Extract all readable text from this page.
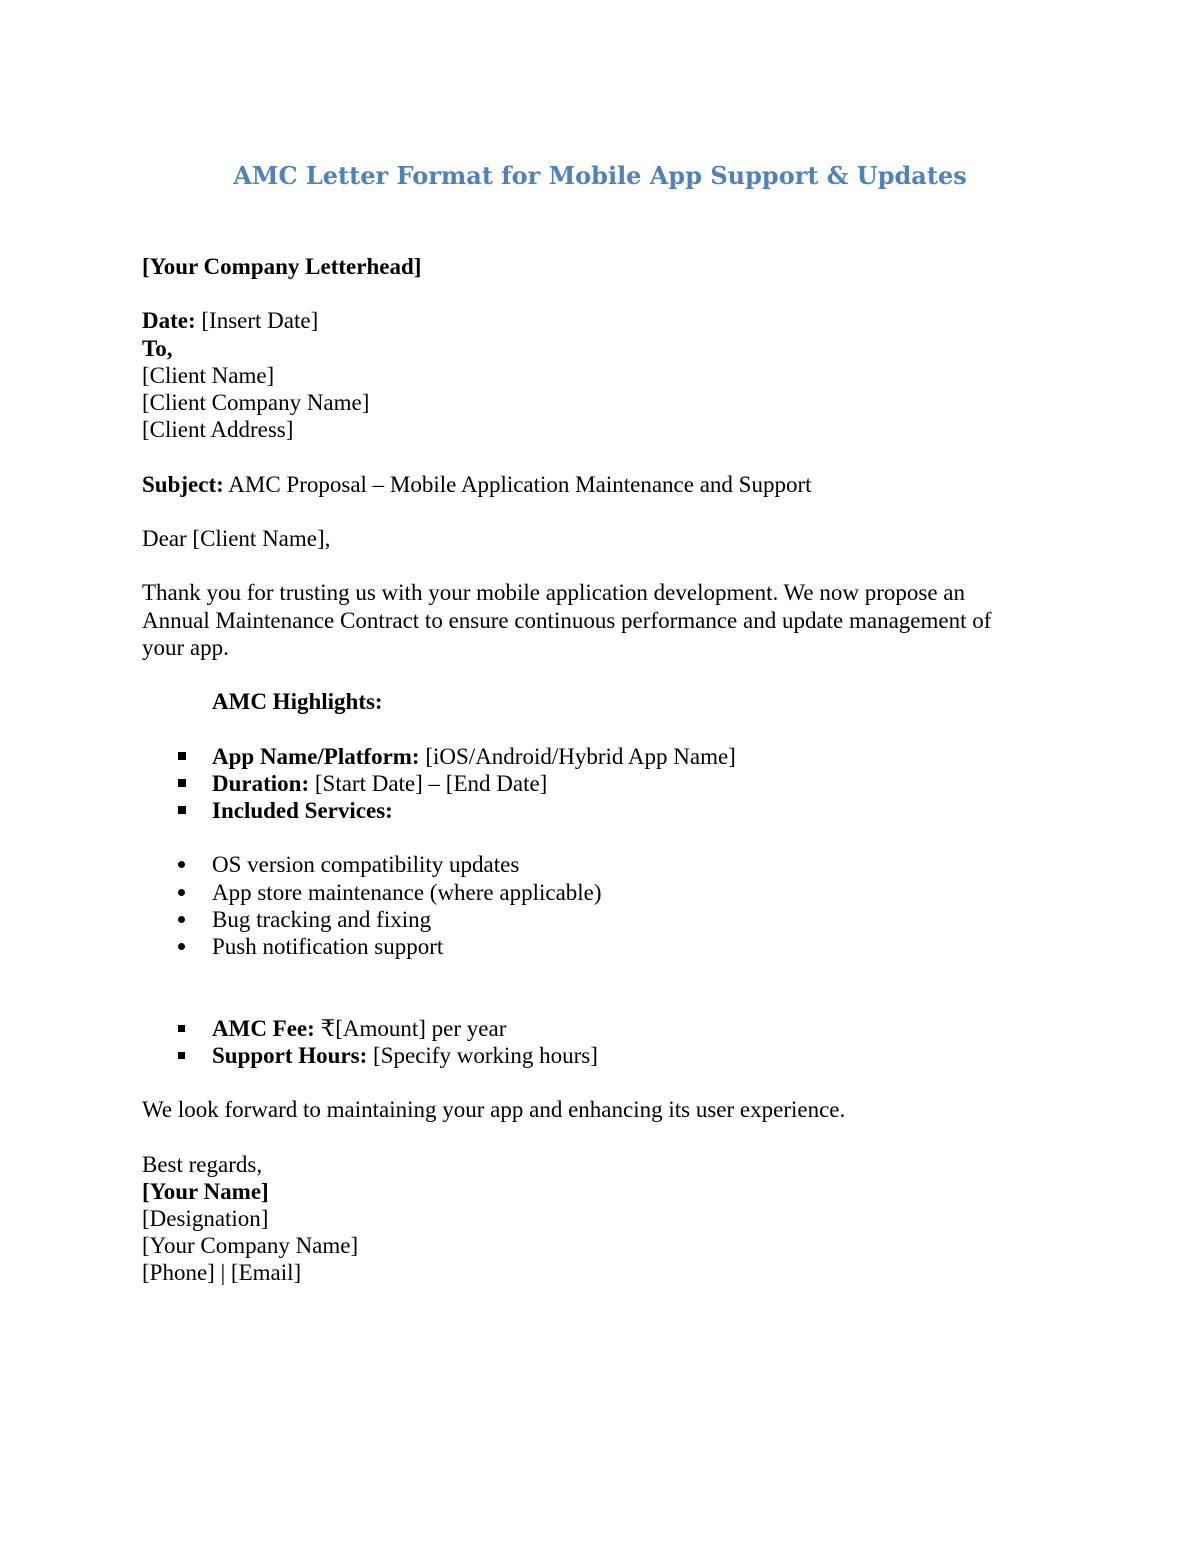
AMC Letter Format for Mobile App Support & Updates
[Your Company Letterhead]
Date: [Insert Date]
To,
[Client Name]
[Client Company Name]
[Client Address]
Subject: AMC Proposal – Mobile Application Maintenance and Support
Dear [Client Name],
Thank you for trusting us with your mobile application development. We now propose an
Annual Maintenance Contract to ensure continuous performance and update management of
your app.
AMC Highlights:
App Name/Platform: [iOS/Android/Hybrid App Name]
Duration: [Start Date] – [End Date]
Included Services:
OS version compatibility updates
App store maintenance (where applicable)
Bug tracking and fixing
Push notification support
AMC Fee: ₹[Amount] per year
Support Hours: [Specify working hours]
We look forward to maintaining your app and enhancing its user experience.
Best regards,
[Your Name]
[Designation]
[Your Company Name]
[Phone] | [Email]
